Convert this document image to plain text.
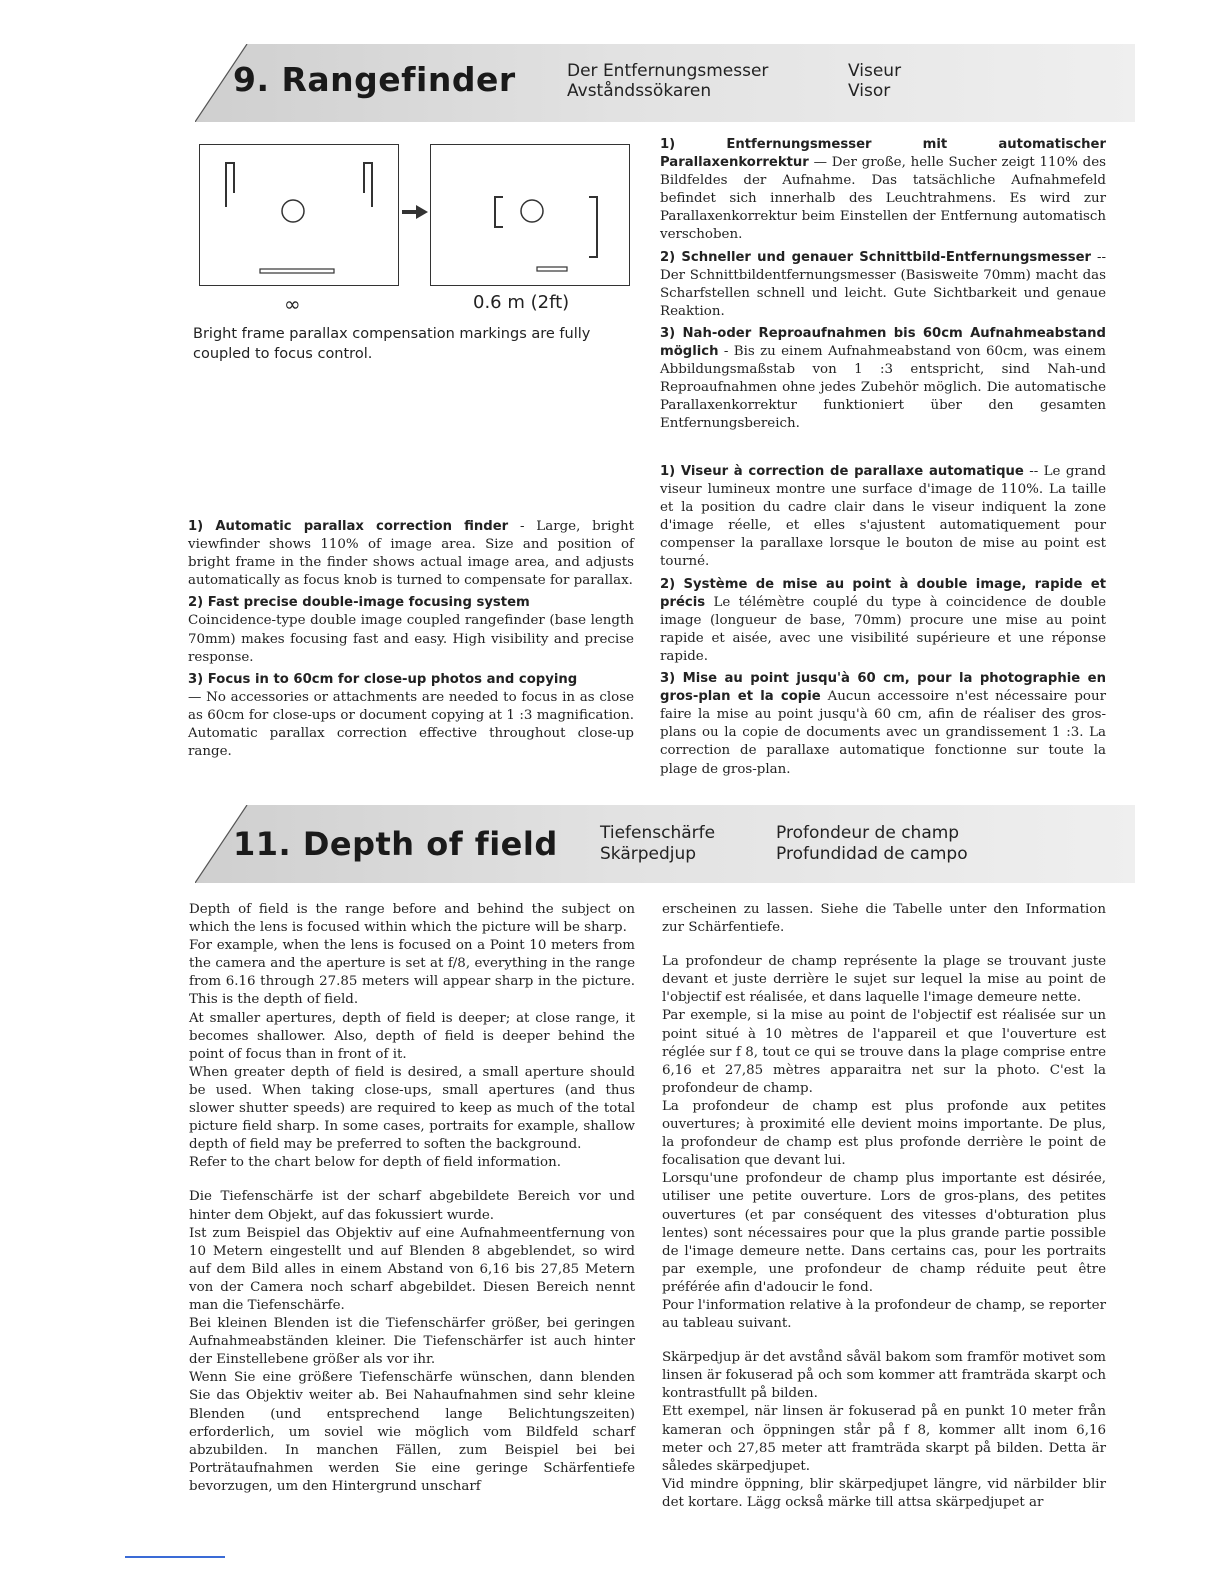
9. Rangefinder	Der Entfernungsmesser
Avståndssökaren
Viseur
Visor
∞	0.6 m (2ft)
Bright frame parallax compensation markings are fully coupled to focus control.

1) Entfernungsmesser mit automatischer Parallaxenkorrektur — Der große, helle Sucher zeigt 110% des Bildfeldes der Aufnahme. Das tatsächliche Aufnahmefeld befindet sich innerhalb des Leuchtrahmens. Es wird zur Parallaxenkorrektur beim Einstellen der Entfernung automatisch verschoben.

2) Schneller und genauer Schnittbild-Entfernungsmesser -- Der Schnittbildentfernungsmesser (Basisweite 70mm) macht das Scharfstellen schnell und leicht. Gute Sichtbarkeit und genaue Reaktion.

3) Nah-oder Reproaufnahmen bis 60cm Aufnahmeabstand möglich - Bis zu einem Aufnahmeabstand von 60cm, was einem Abbildungsmaßstab von 1 :3 entspricht, sind Nah-und Reproaufnahmen ohne jedes Zubehör möglich. Die automatische Parallaxenkorrektur funktioniert über den gesamten Entfernungsbereich.

1) Viseur à correction de parallaxe automatique -- Le grand viseur lumineux montre une surface d'image de 110%. La taille et la position du cadre clair dans le viseur indiquent la zone d'image réelle, et elles s'ajustent automatiquement pour compenser la parallaxe lorsque le bouton de mise au point est tourné.

2) Système de mise au point à double image, rapide et précis Le télémètre couplé du type à coincidence de double image (longueur de base, 70mm) procure une mise au point rapide et aisée, avec une visibilité supérieure et une réponse rapide.

3) Mise au point jusqu'à 60 cm, pour la photographie en gros-plan et la copie Aucun accessoire n'est nécessaire pour faire la mise au point jusqu'à 60 cm, afin de réaliser des gros-plans ou la copie de documents avec un grandissement 1 :3. La correction de parallaxe automatique fonctionne sur toute la plage de gros-plan.

1) Automatic parallax correction finder - Large, bright viewfinder shows 110% of image area. Size and position of bright frame in the finder shows actual image area, and adjusts automatically as focus knob is turned to compensate for parallax.

2) Fast precise double-image focusing system

Coincidence-type double image coupled rangefinder (base length 70mm) makes focusing fast and easy. High visibility and precise response.

3) Focus in to 60cm for close-up photos and copying

— No accessories or attachments are needed to focus in as close as 60cm for close-ups or document copying at 1 :3 magnification. Automatic parallax correction effective throughout close-up range.

11. Depth of field Tiefenschärfe
Skärpedjup
Profondeur de champ
Profundidad de campo

Depth of field is the range before and behind the subject on which the lens is focused within which the picture will be sharp.
For example, when the lens is focused on a Point 10 meters from the camera and the aperture is set at f/8, everything in the range from 6.16 through 27.85 meters will appear sharp in the picture. This is the depth of field.
At smaller apertures, depth of field is deeper; at close range, it becomes shallower. Also, depth of field is deeper behind the point of focus than in front of it.
When greater depth of field is desired, a small aperture should be used. When taking close-ups, small apertures (and thus slower shutter speeds) are required to keep as much of the total picture field sharp. In some cases, portraits for example, shallow depth of field may be preferred to soften the background.
Refer to the chart below for depth of field information.

Die Tiefenschärfe ist der scharf abgebildete Bereich vor und hinter dem Objekt, auf das fokussiert wurde.
Ist zum Beispiel das Objektiv auf eine Aufnahmeentfernung von 10 Metern eingestellt und auf Blenden 8 abgeblendet, so wird auf dem Bild alles in einem Abstand von 6,16 bis 27,85 Metern von der Camera noch scharf abgebildet. Diesen Bereich nennt man die Tiefenschärfe.
Bei kleinen Blenden ist die Tiefenschärfer größer, bei geringen Aufnahmeabständen kleiner. Die Tiefenschärfer ist auch hinter der Einstellebene größer als vor ihr.
Wenn Sie eine größere Tiefenschärfe wünschen, dann blenden Sie das Objektiv weiter ab. Bei Nahaufnahmen sind sehr kleine Blenden (und entsprechend lange Belichtungszeiten) erforderlich, um soviel wie möglich vom Bildfeld scharf abzubilden. In manchen Fällen, zum Beispiel bei bei Porträtaufnahmen werden Sie eine geringe Schärfentiefe bevorzugen, um den Hintergrund unscharf

erscheinen zu lassen. Siehe die Tabelle unter den Information zur Schärfentiefe.

La profondeur de champ représente la plage se trouvant juste devant et juste derrière le sujet sur lequel la mise au point de l'objectif est réalisée, et dans laquelle l'image demeure nette.
Par exemple, si la mise au point de l'objectif est réalisée sur un point situé à 10 mètres de l'appareil et que l'ouverture est réglée sur f 8, tout ce qui se trouve dans la plage comprise entre 6,16 et 27,85 mètres apparaitra net sur la photo. C'est la profondeur de champ.
La profondeur de champ est plus profonde aux petites ouvertures; à proximité elle devient moins importante. De plus, la profondeur de champ est plus profonde derrière le point de focalisation que devant lui.
Lorsqu'une profondeur de champ plus importante est désirée, utiliser une petite ouverture. Lors de gros-plans, des petites ouvertures (et par conséquent des vitesses d'obturation plus lentes) sont nécessaires pour que la plus grande partie possible de l'image demeure nette. Dans certains cas, pour les portraits par exemple, une profondeur de champ réduite peut être préférée afin d'adoucir le fond.
Pour l'information relative à la profondeur de champ, se reporter au tableau suivant.

Skärpedjup är det avstånd såväl bakom som framför motivet som linsen är fokuserad på och som kommer att framträda skarpt och kontrastfullt på bilden.
Ett exempel, när linsen är fokuserad på en punkt 10 meter från kameran och öppningen står på f 8, kommer allt inom 6,16 meter och 27,85 meter att framträda skarpt på bilden. Detta är således skärpedjupet.
Vid mindre öppning, blir skärpedjupet längre, vid närbilder blir det kortare. Lägg också märke till attsa skärpedjupet ar
